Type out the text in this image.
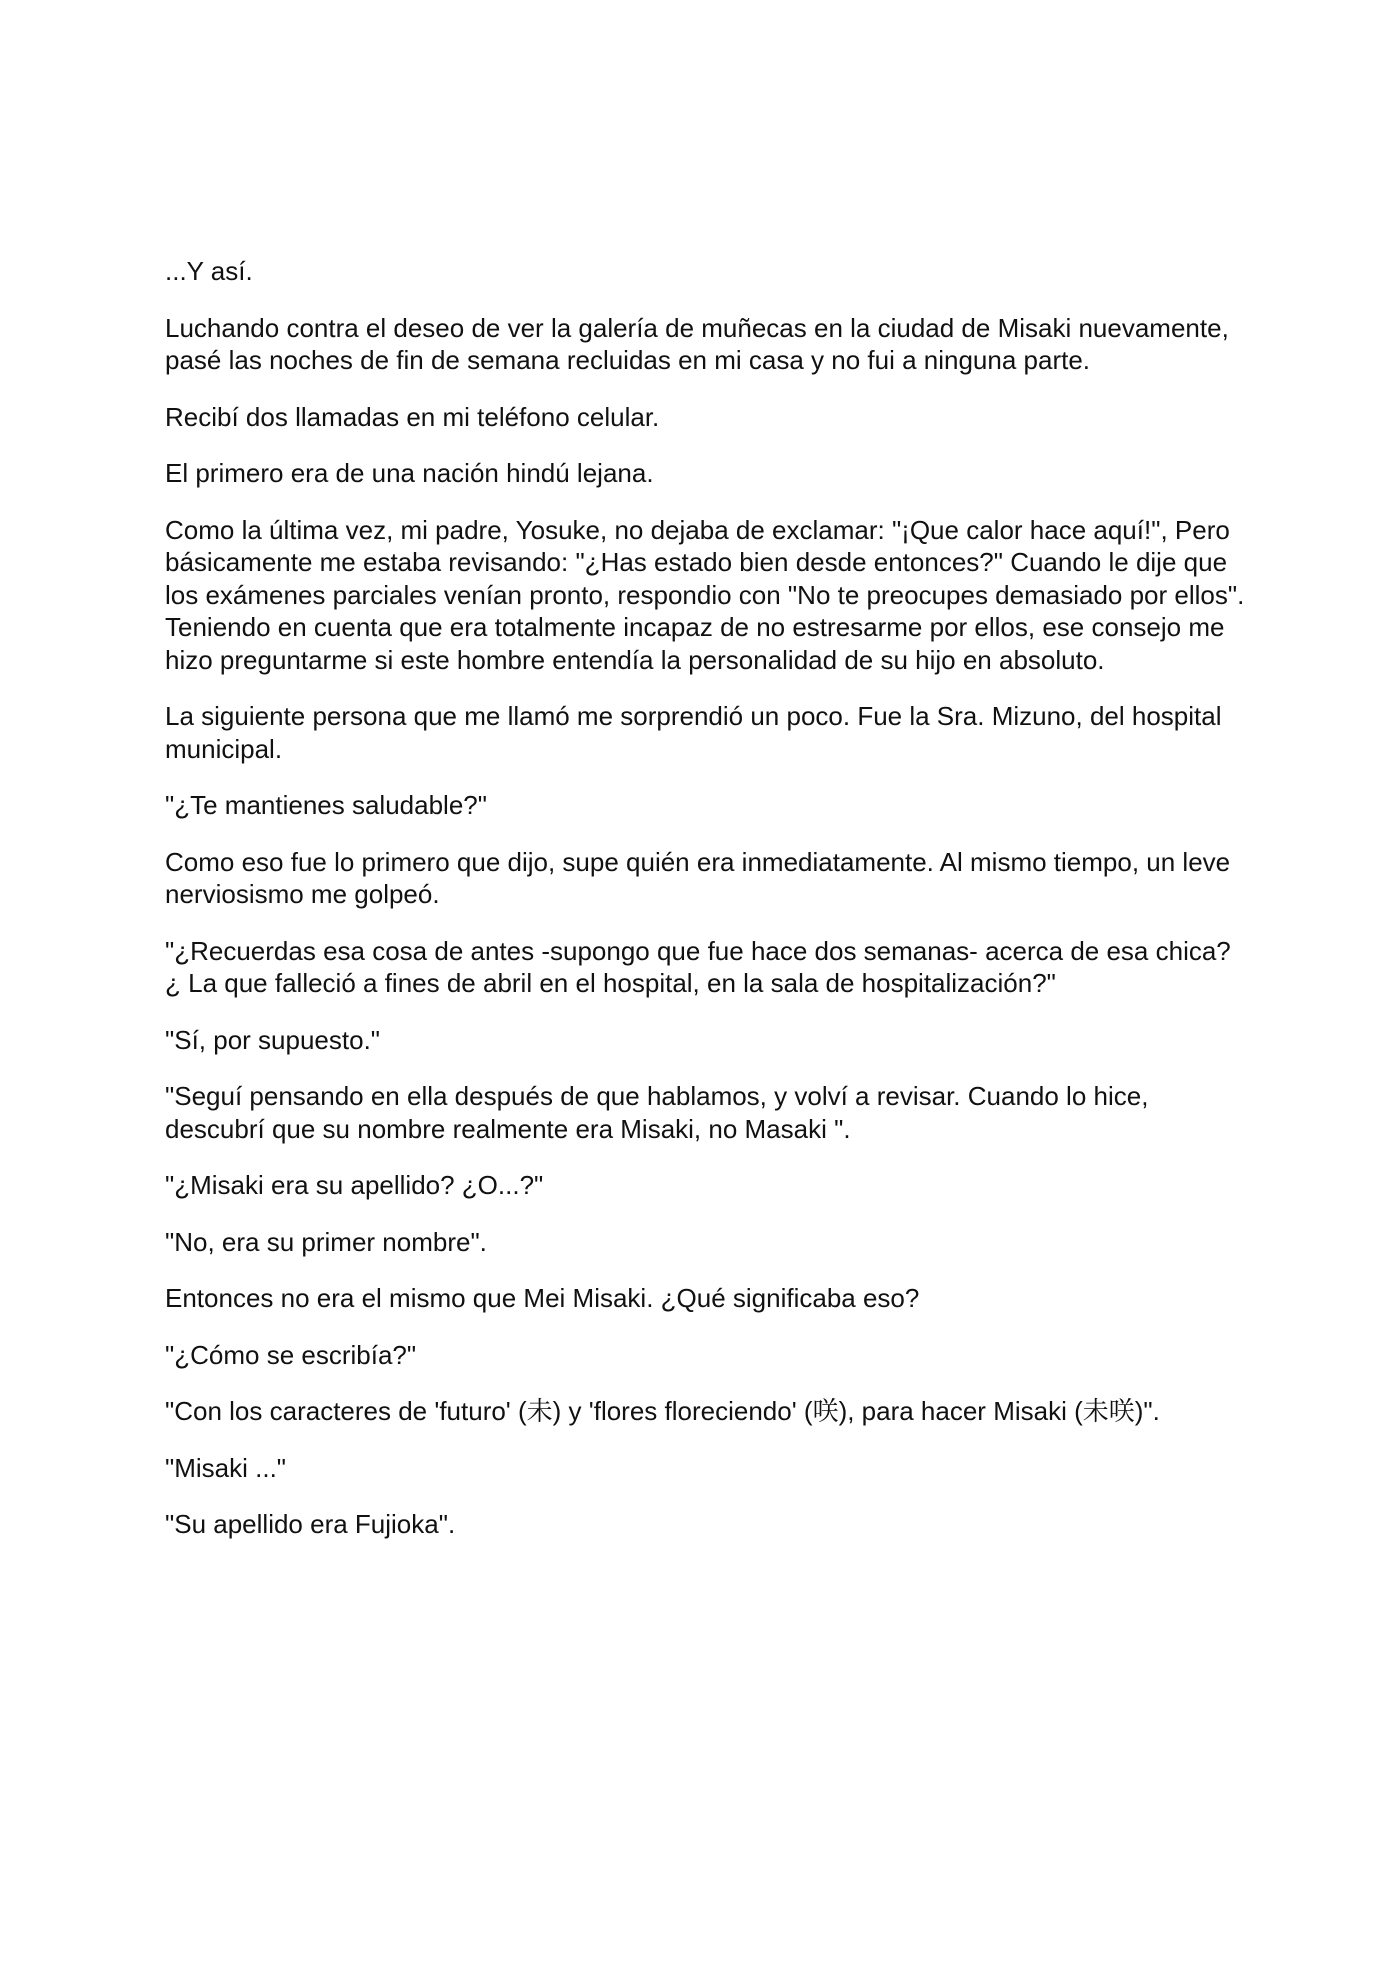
...Y así.

Luchando contra el deseo de ver la galería de muñecas en la ciudad de Misaki nuevamente, pasé las noches de fin de semana recluidas en mi casa y no fui a ninguna parte.

Recibí dos llamadas en mi teléfono celular.

El primero era de una nación hindú lejana.

Como la última vez, mi padre, Yosuke, no dejaba de exclamar: "¡Que calor hace aquí!", Pero básicamente me estaba revisando: "¿Has estado bien desde entonces?" Cuando le dije que los exámenes parciales venían pronto, respondio con "No te preocupes demasiado por ellos". Teniendo en cuenta que era totalmente incapaz de no estresarme por ellos, ese consejo me hizo preguntarme si este hombre entendía la personalidad de su hijo en absoluto.

La siguiente persona que me llamó me sorprendió un poco. Fue la Sra. Mizuno, del hospital municipal.

"¿Te mantienes saludable?"

Como eso fue lo primero que dijo, supe quién era inmediatamente. Al mismo tiempo, un leve nerviosismo me golpeó.

"¿Recuerdas esa cosa de antes -supongo que fue hace dos semanas- acerca de esa chica?¿ La que falleció a fines de abril en el hospital, en la sala de hospitalización?"

"Sí, por supuesto."

"Seguí pensando en ella después de que hablamos, y volví a revisar. Cuando lo hice, descubrí que su nombre realmente era Misaki, no Masaki ".

"¿Misaki era su apellido? ¿O...?"

"No, era su primer nombre".

Entonces no era el mismo que Mei Misaki. ¿Qué significaba eso?

"¿Cómo se escribía?"

"Con los caracteres de 'futuro' (未) y 'flores floreciendo' (咲), para hacer Misaki (未咲)".

"Misaki ..."

"Su apellido era Fujioka".
